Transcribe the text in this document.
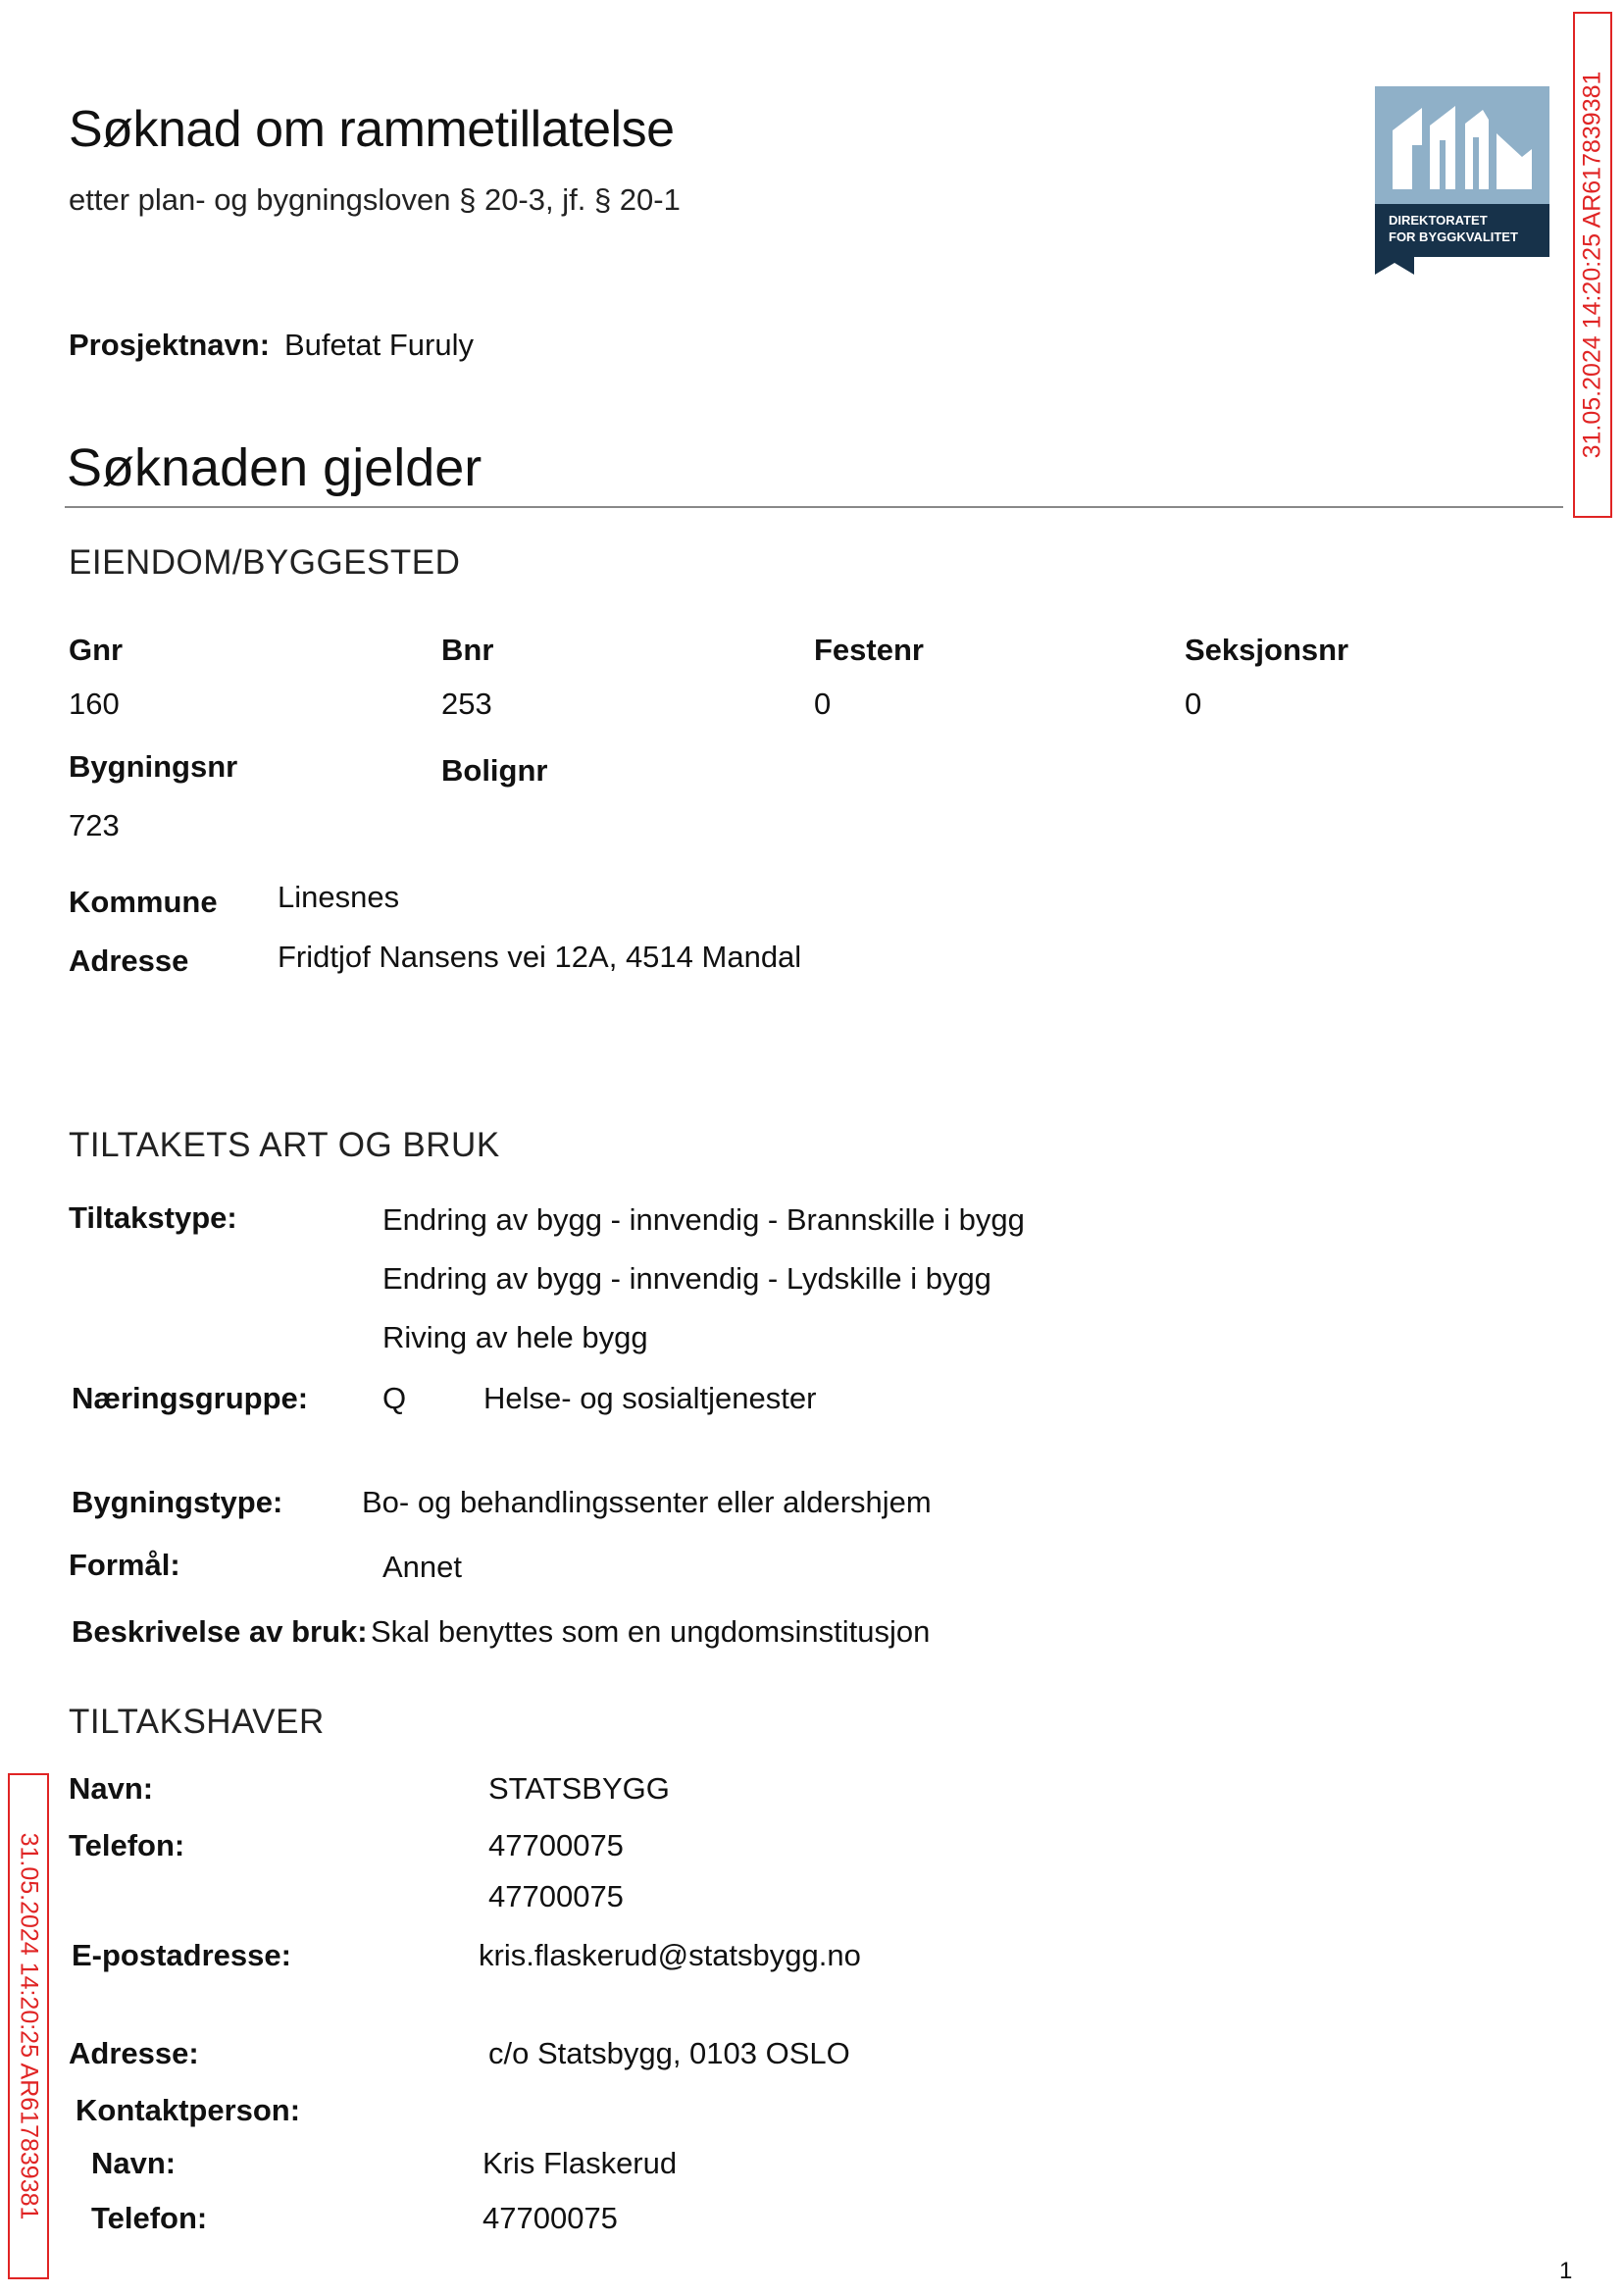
Søknad om rammetillatelse
etter plan- og bygningsloven § 20-3, jf. § 20-1
DIREKTORATET
FOR BYGGKVALITET 31.05.2024 14:20:25 AR617839381
Prosjektnavn: Bufetat Furuly
Søknaden gjelder
EIENDOM/BYGGESTED
Gnr	Bnr	Festenr	Seksjonsnr
160	253	0	0
Bygningsnr	Bolignr
723
Kommune Linesnes
Adresse	Fridtjof Nansens vei 12A, 4514 Mandal
TILTAKETS ART OG BRUK
Tiltakstype:	Endring av bygg - innvendig - Brannskille i bygg
Endring av bygg - innvendig - Lydskille i bygg
Riving av hele bygg
Næringsgruppe: Q	Helse- og sosialtjenester
Bygningstype:	Bo- og behandlingssenter eller aldershjem
Formål:	Annet
Beskrivelse av bruk: Skal benyttes som en ungdomsinstitusjon
TILTAKSHAVER
Navn:	STATSBYGG
Telefon:	47700075
47700075
E-postadresse:	kris.flaskerud@statsbygg.no
Adresse:	c/o Statsbygg, 0103 OSLO
Kontaktperson:
Navn:	Kris Flaskerud
Telefon:	47700075
31.05.2024 14:20:25 AR617839381
1
